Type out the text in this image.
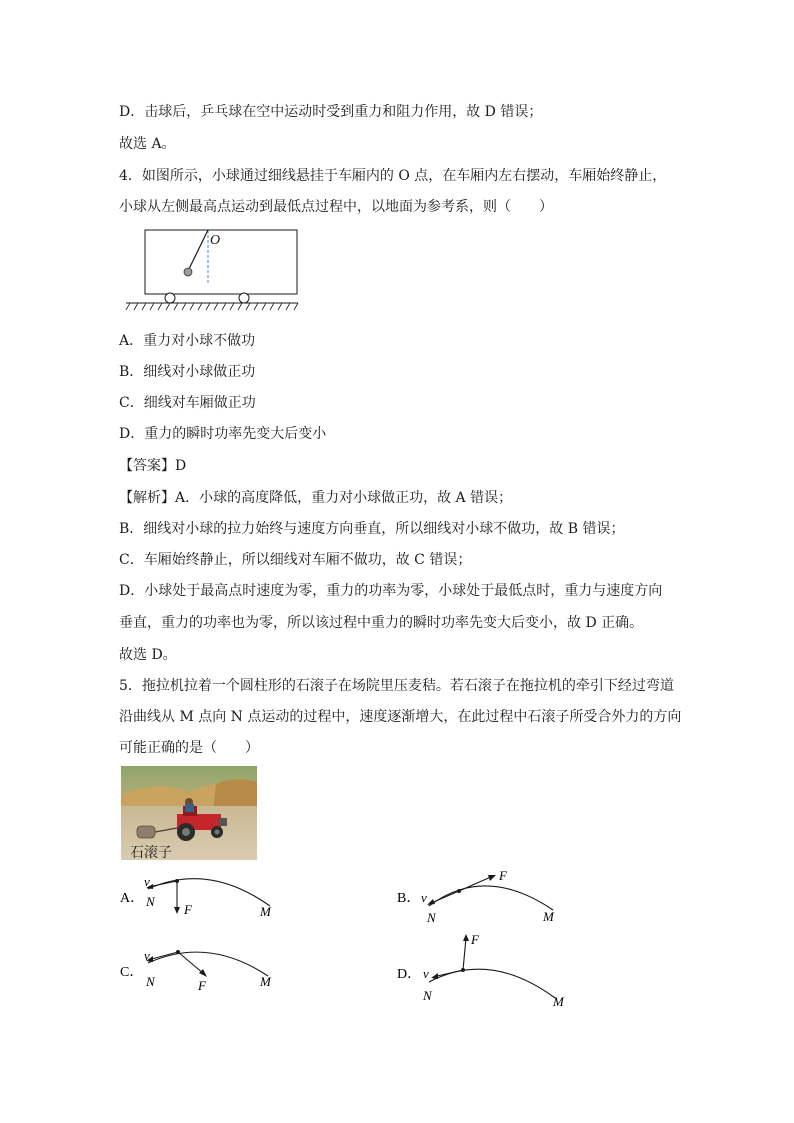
D．击球后，乒乓球在空中运动时受到重力和阻力作用，故 D 错误；
故选 A。
4．如图所示，小球通过细线悬挂于车厢内的 O 点，在车厢内左右摆动，车厢始终静止，
小球从左侧最高点运动到最低点过程中，以地面为参考系，则（　　）
O
A．重力对小球不做功
B．细线对小球做正功
C．细线对车厢做正功
D．重力的瞬时功率先变大后变小
【答案】D
【解析】A．小球的高度降低，重力对小球做正功，故 A 错误；
B．细线对小球的拉力始终与速度方向垂直，所以细线对小球不做功，故 B 错误；
C．车厢始终静止，所以细线对车厢不做功，故 C 错误；
D．小球处于最高点时速度为零，重力的功率为零，小球处于最低点时，重力与速度方向
垂直，重力的功率也为零，所以该过程中重力的瞬时功率先变大后变小，故 D 正确。
故选 D。
5．拖拉机拉着一个圆柱形的石滚子在场院里压麦秸。若石滚子在拖拉机的牵引下经过弯道
沿曲线从 M 点向 N 点运动的过程中，速度逐渐增大，在此过程中石滚子所受合外力的方向
可能正确的是（　　）
石滚子
A．
v
N
F	M
B． v
N
F
M
C．
v
N	F	M	D． v
N
F
M
